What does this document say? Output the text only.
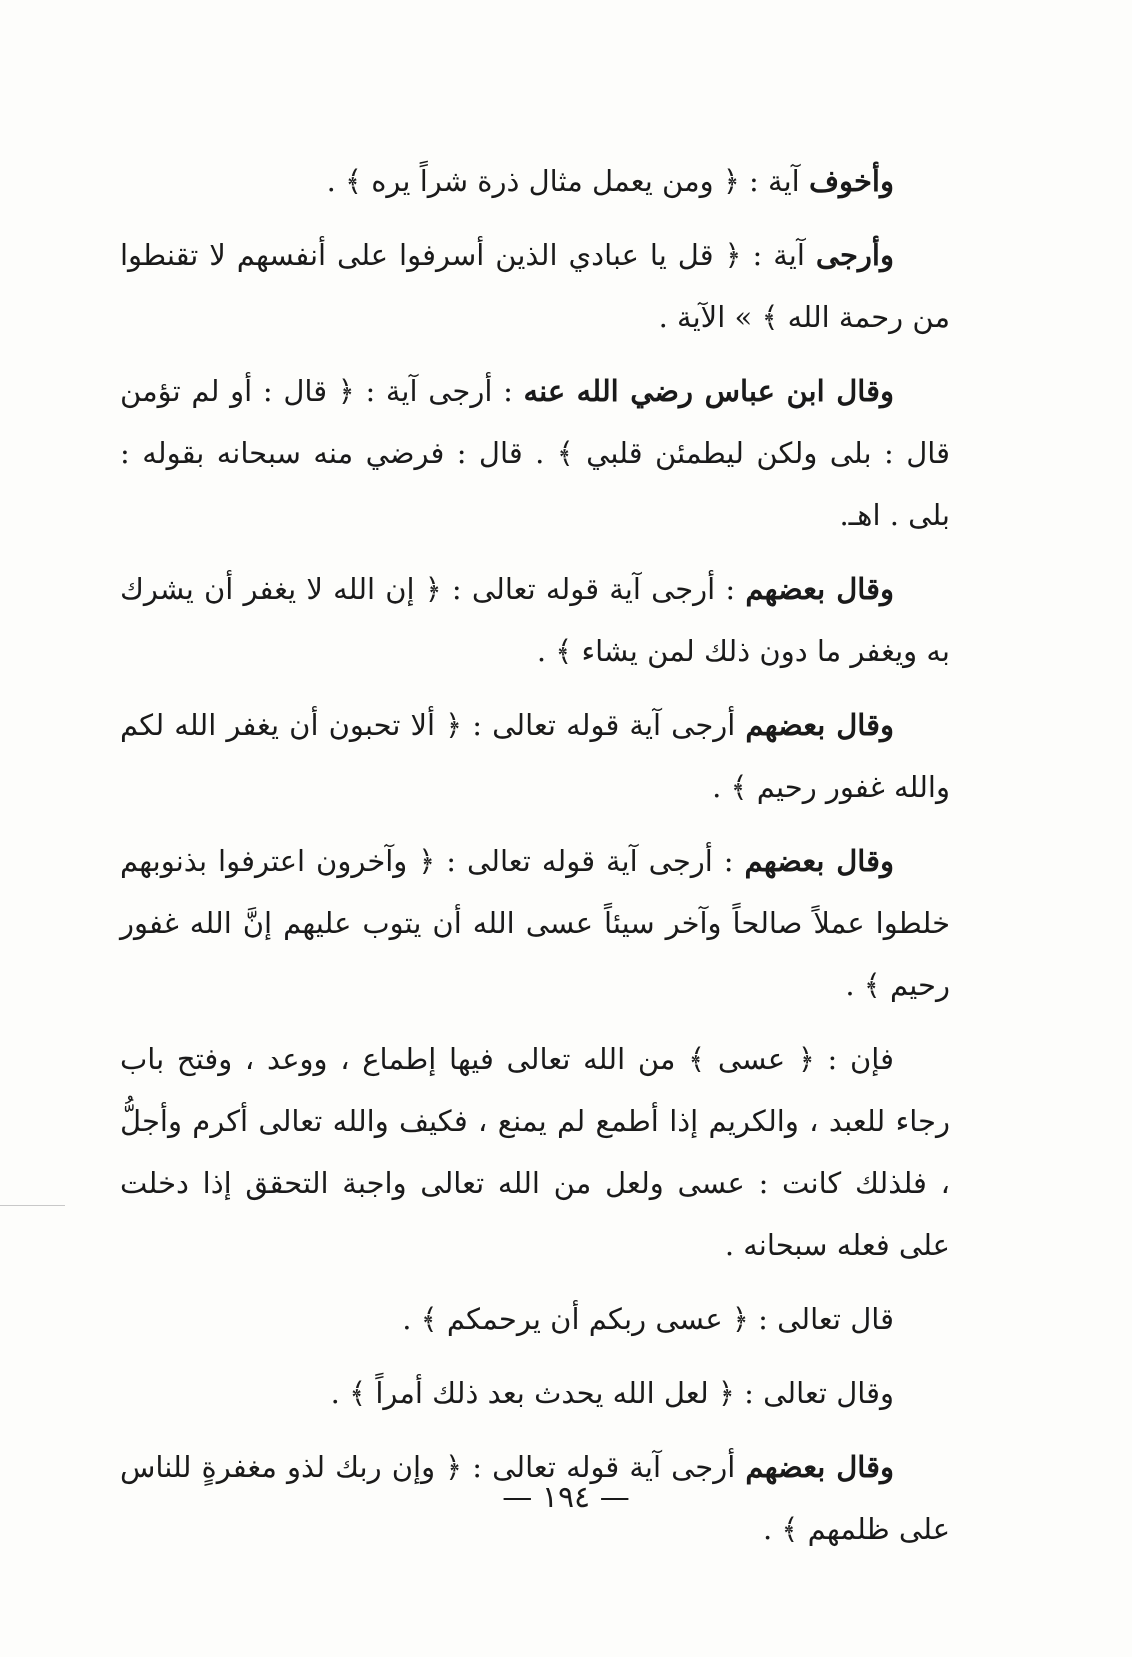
وأخوف آية : ﴿ ومن يعمل مثال ذرة شراً يره ﴾ .

وأرجى آية : ﴿ قل يا عبادي الذين أسرفوا على أنفسهم لا تقنطوا من رحمة الله ﴾ » الآية .

وقال ابن عباس رضي الله عنه : أرجى آية : ﴿ قال : أو لم تؤمن قال : بلى ولكن ليطمئن قلبي ﴾ . قال : فرضي منه سبحانه بقوله : بلى . اهـ.

وقال بعضهم : أرجى آية قوله تعالى : ﴿ إن الله لا يغفر أن يشرك به ويغفر ما دون ذلك لمن يشاء ﴾ .

وقال بعضهم أرجى آية قوله تعالى : ﴿ ألا تحبون أن يغفر الله لكم والله غفور رحيم ﴾ .

وقال بعضهم : أرجى آية قوله تعالى : ﴿ وآخرون اعترفوا بذنوبهم خلطوا عملاً صالحاً وآخر سيئاً عسى الله أن يتوب عليهم إنَّ الله غفور رحيم ﴾ .

فإن : ﴿ عسى ﴾ من الله تعالى فيها إطماع ، ووعد ، وفتح باب رجاء للعبد ، والكريم إذا أطمع لم يمنع ، فكيف والله تعالى أكرم وأجلُّ ، فلذلك كانت : عسى ولعل من الله تعالى واجبة التحقق إذا دخلت على فعله سبحانه .

قال تعالى : ﴿ عسى ربكم أن يرحمكم ﴾ .

وقال تعالى : ﴿ لعل الله يحدث بعد ذلك أمراً ﴾ .

وقال بعضهم أرجى آية قوله تعالى : ﴿ وإن ربك لذو مغفرةٍ للناس على ظلمهم ﴾ .

— ١٩٤ —
